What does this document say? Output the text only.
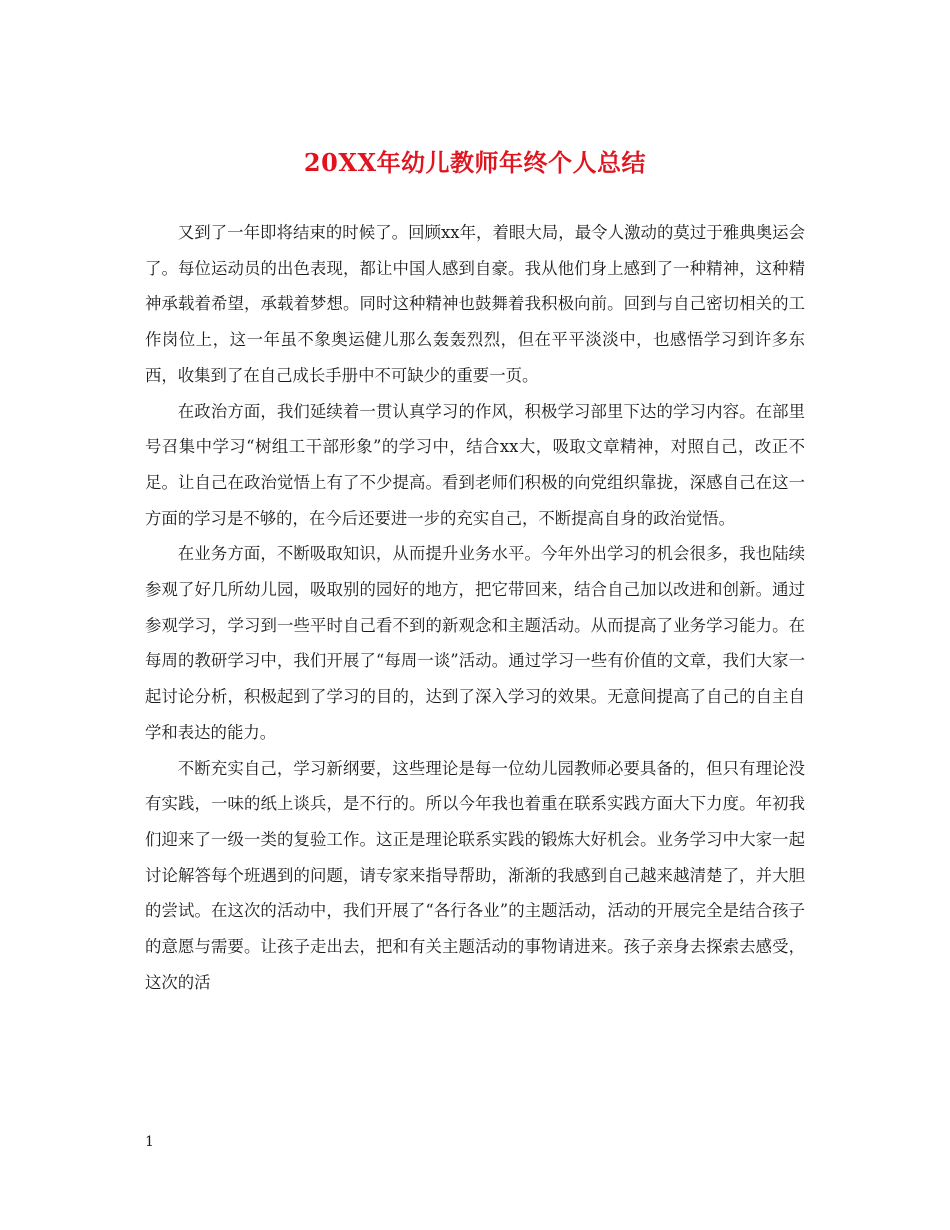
20XX年幼儿教师年终个人总结

又到了一年即将结束的时候了。回顾xx年，着眼大局，最令人激动的莫过于雅典奥运会了。每位运动员的出色表现，都让中国人感到自豪。我从他们身上感到了一种精神，这种精神承载着希望，承载着梦想。同时这种精神也鼓舞着我积极向前。回到与自己密切相关的工作岗位上，这一年虽不象奥运健儿那么轰轰烈烈，但在平平淡淡中，也感悟学习到许多东西，收集到了在自己成长手册中不可缺少的重要一页。

在政治方面，我们延续着一贯认真学习的作风，积极学习部里下达的学习内容。在部里号召集中学习“树组工干部形象”的学习中，结合xx大，吸取文章精神，对照自己，改正不足。让自己在政治觉悟上有了不少提高。看到老师们积极的向党组织靠拢，深感自己在这一方面的学习是不够的，在今后还要进一步的充实自己，不断提高自身的政治觉悟。

在业务方面，不断吸取知识，从而提升业务水平。今年外出学习的机会很多，我也陆续参观了好几所幼儿园，吸取别的园好的地方，把它带回来，结合自己加以改进和创新。通过参观学习，学习到一些平时自己看不到的新观念和主题活动。从而提高了业务学习能力。在每周的教研学习中，我们开展了“每周一谈”活动。通过学习一些有价值的文章，我们大家一起讨论分析，积极起到了学习的目的，达到了深入学习的效果。无意间提高了自己的自主自学和表达的能力。

不断充实自己，学习新纲要，这些理论是每一位幼儿园教师必要具备的，但只有理论没有实践，一味的纸上谈兵，是不行的。所以今年我也着重在联系实践方面大下力度。年初我们迎来了一级一类的复验工作。这正是理论联系实践的锻炼大好机会。业务学习中大家一起讨论解答每个班遇到的问题，请专家来指导帮助，渐渐的我感到自己越来越清楚了，并大胆的尝试。在这次的活动中，我们开展了“各行各业”的主题活动，活动的开展完全是结合孩子的意愿与需要。让孩子走出去，把和有关主题活动的事物请进来。孩子亲身去探索去感受，这次的活

1
